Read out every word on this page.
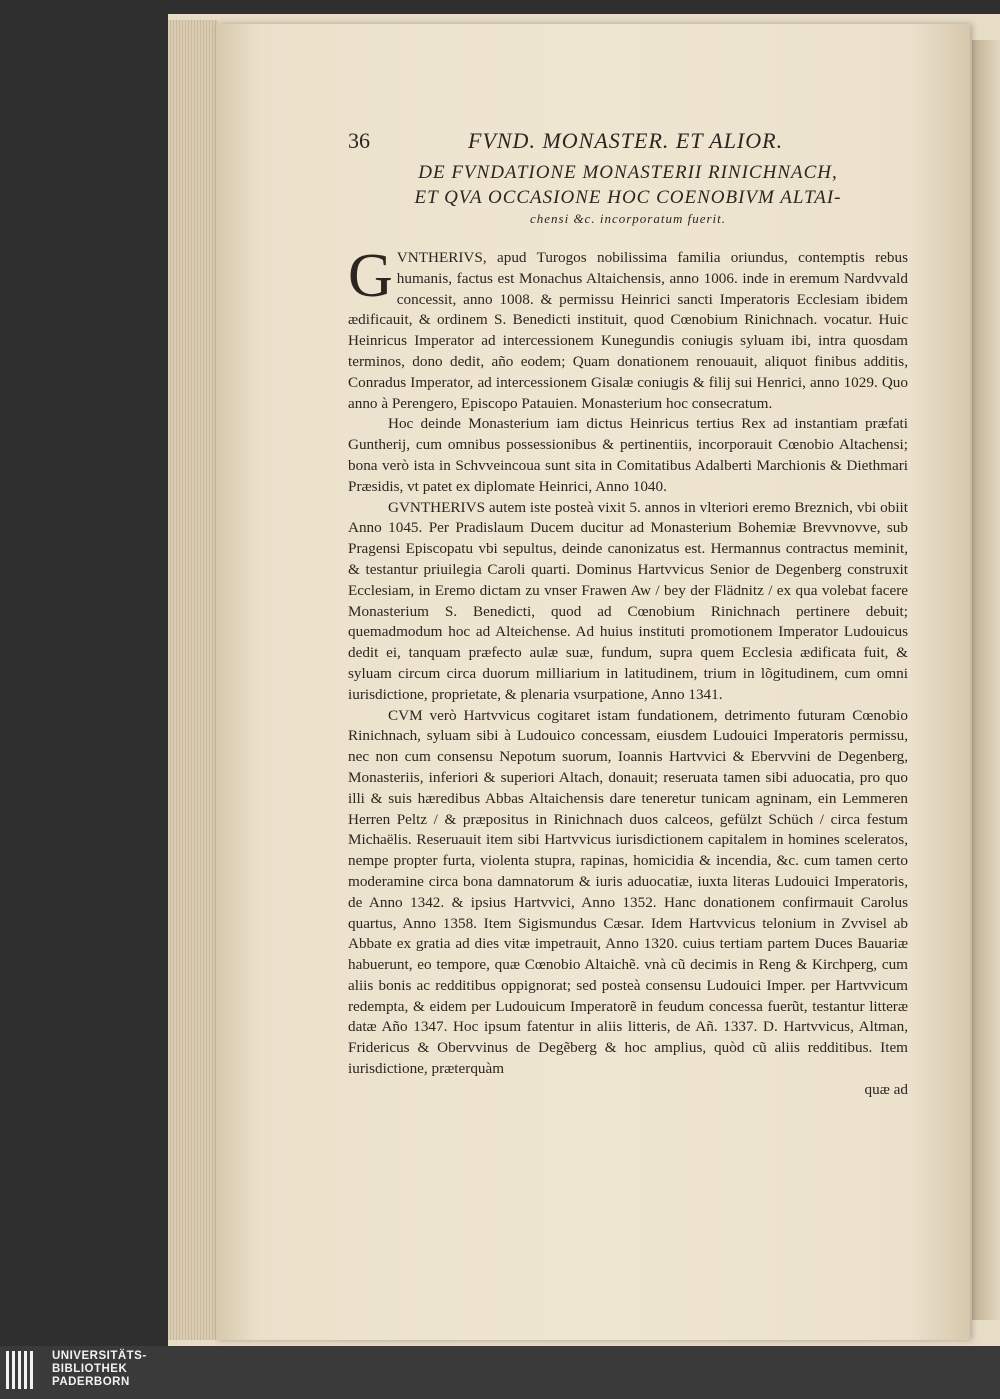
36	FVND. MONASTER. ET ALIOR.
DE FVNDATIONE MONASTERII RINICHNACH,
ET QVA OCCASIONE HOC COENOBIVM ALTAI-
chensi &c. incorporatum fuerit.

GVNTHERIVS, apud Turogos nobilissima familia oriundus, contemptis rebus humanis, factus est Monachus Altaichensis, anno 1006. inde in eremum Nardvvald concessit, anno 1008. & permissu Heinrici sancti Imperatoris Ecclesiam ibidem ædificauit, & ordinem S. Benedicti instituit, quod Cœnobium Rinichnach. vocatur. Huic Heinricus Imperator ad intercessionem Kunegundis coniugis syluam ibi, intra quosdam terminos, dono dedit, año eodem; Quam donationem renouauit, aliquot finibus additis, Conradus Imperator, ad intercessionem Gisalæ coniugis & filij sui Henrici, anno 1029. Quo anno à Perengero, Episcopo Patauien. Monasterium hoc consecratum.

Hoc deinde Monasterium iam dictus Heinricus tertius Rex ad instantiam præfati Guntherij, cum omnibus possessionibus & pertinentiis, incorporauit Cœnobio Altachensi; bona verò ista in Schvveincoua sunt sita in Comitatibus Adalberti Marchionis & Diethmari Præsidis, vt patet ex diplomate Heinrici, Anno 1040.

GVNTHERIVS autem iste posteà vixit 5. annos in vlteriori eremo Breznich, vbi obiit Anno 1045. Per Pradislaum Ducem ducitur ad Monasterium Bohemiæ Brevvnovve, sub Pragensi Episcopatu vbi sepultus, deinde canonizatus est. Hermannus contractus meminit, & testantur priuilegia Caroli quarti. Dominus Hartvvicus Senior de Degenberg construxit Ecclesiam, in Eremo dictam zu vnser Frawen Aw / bey der Flädnitz / ex qua volebat facere Monasterium S. Benedicti, quod ad Cœnobium Rinichnach pertinere debuit; quemadmodum hoc ad Alteichense. Ad huius instituti promotionem Imperator Ludouicus dedit ei, tanquam præfecto aulæ suæ, fundum, supra quem Ecclesia ædificata fuit, & syluam circum circa duorum milliarium in latitudinem, trium in lõgitudinem, cum omni iurisdictione, proprietate, & plenaria vsurpatione, Anno 1341.

CVM verò Hartvvicus cogitaret istam fundationem, detrimento futuram Cœnobio Rinichnach, syluam sibi à Ludouico concessam, eiusdem Ludouici Imperatoris permissu, nec non cum consensu Nepotum suorum, Ioannis Hartvvici & Ebervvini de Degenberg, Monasteriis, inferiori & superiori Altach, donauit; reseruata tamen sibi aduocatia, pro quo illi & suis hæredibus Abbas Altaichensis dare teneretur tunicam agninam, ein Lemmeren Herren Peltz / & præpositus in Rinichnach duos calceos, gefülzt Schüch / circa festum Michaëlis. Reseruauit item sibi Hartvvicus iurisdictionem capitalem in homines sceleratos, nempe propter furta, violenta stupra, rapinas, homicidia & incendia, &c. cum tamen certo moderamine circa bona damnatorum & iuris aduocatiæ, iuxta literas Ludouici Imperatoris, de Anno 1342. & ipsius Hartvvici, Anno 1352. Hanc donationem confirmauit Carolus quartus, Anno 1358. Item Sigismundus Cæsar. Idem Hartvvicus telonium in Zvvisel ab Abbate ex gratia ad dies vitæ impetrauit, Anno 1320. cuius tertiam partem Duces Bauariæ habuerunt, eo tempore, quæ Cœnobio Altaichẽ. vnà cũ decimis in Reng & Kirchperg, cum aliis bonis ac redditibus oppignorat; sed posteà consensu Ludouici Imper. per Hartvvicum redempta, & eidem per Ludouicum Imperatorẽ in feudum concessa fuerũt, testantur litteræ datæ Año 1347. Hoc ipsum fatentur in aliis litteris, de Añ. 1337. D. Hartvvicus, Altman, Fridericus & Obervvinus de Degẽberg & hoc amplius, quòd cũ aliis redditibus. Item iurisdictione, præterquàm

quæ ad
UNIVERSITÄTS-
BIBLIOTHEK
PADERBORN
